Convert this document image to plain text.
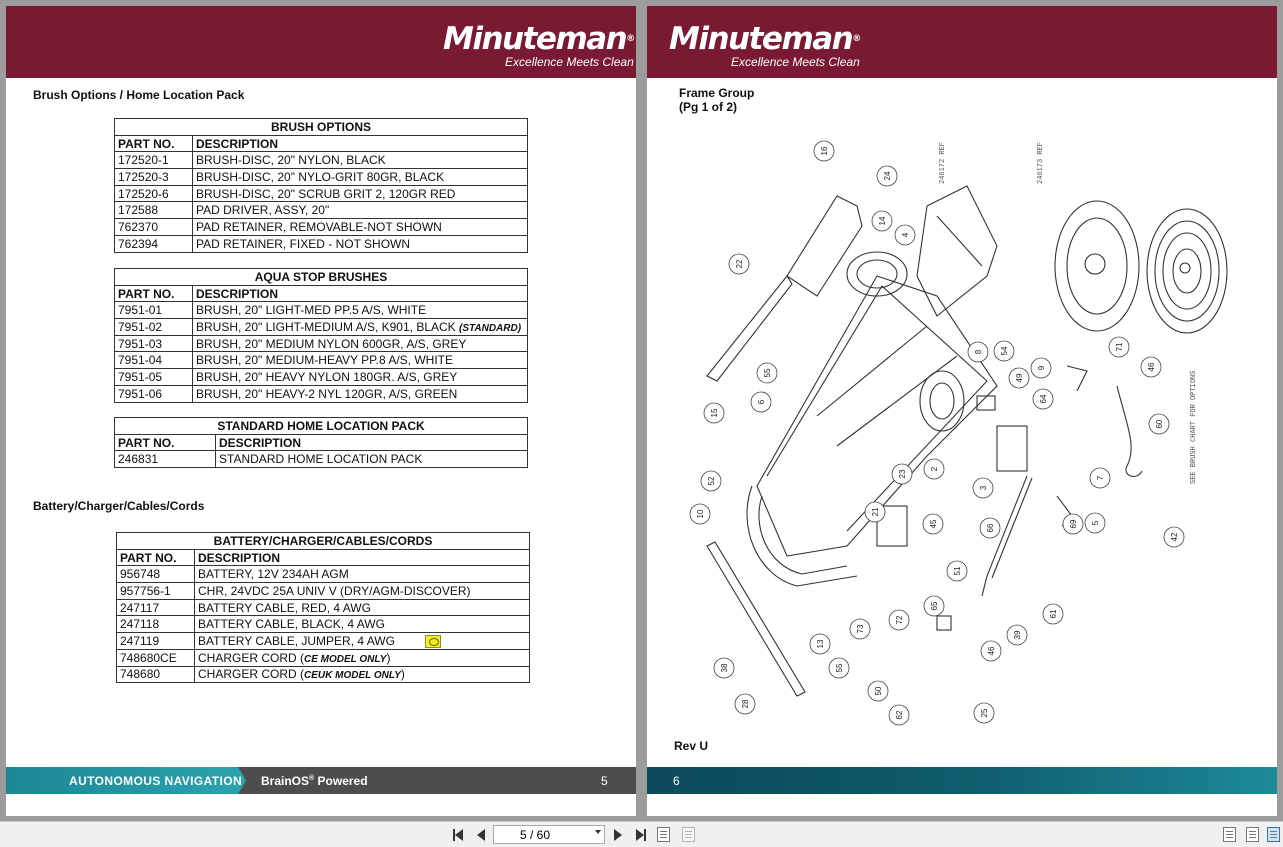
Minuteman®
Excellence Meets Clean
Brush Options / Home Location Pack
BRUSH OPTIONS	
PART NO.	DESCRIPTION
172520-1	BRUSH-DISC, 20" NYLON, BLACK
172520-3	BRUSH-DISC, 20" NYLO-GRIT 80GR, BLACK
172520-6	BRUSH-DISC, 20" SCRUB GRIT 2, 120GR RED
172588	PAD DRIVER, ASSY, 20"
762370	PAD RETAINER, REMOVABLE-NOT SHOWN
762394	PAD RETAINER, FIXED - NOT SHOWN
AQUA STOP BRUSHES	
PART NO.	DESCRIPTION
7951-01	BRUSH, 20" LIGHT-MED PP.5 A/S, WHITE
7951-02	BRUSH, 20" LIGHT-MEDIUM A/S, K901, BLACK (STANDARD)
7951-03	BRUSH, 20" MEDIUM NYLON 600GR, A/S, GREY
7951-04	BRUSH, 20" MEDIUM-HEAVY PP.8 A/S, WHITE
7951-05	BRUSH, 20" HEAVY NYLON 180GR. A/S, GREY
7951-06	BRUSH, 20" HEAVY-2 NYL 120GR, A/S, GREEN
STANDARD HOME LOCATION PACK	
PART NO.	DESCRIPTION
246831	STANDARD HOME LOCATION PACK
Battery/Charger/Cables/Cords
BATTERY/CHARGER/CABLES/CORDS	
PART NO.	DESCRIPTION
956748	BATTERY, 12V 234AH AGM
957756-1	CHR, 24VDC 25A UNIV V (DRY/AGM-DISCOVER)
247117	BATTERY CABLE, RED, 4 AWG
247118	BATTERY CABLE, BLACK, 4 AWG
247119	BATTERY CABLE, JUMPER, 4 AWG
748680CE	CHARGER CORD (CE MODEL ONLY)
748680	CHARGER CORD (CEUK MODEL ONLY)
AUTONOMOUS NAVIGATION BrainOS® Powered	5
Minuteman®
Excellence Meets Clean
Frame Group
(Pg 1 of 2)
246172 REF	246173 REF
SEE BRUSH CHART FOR OPTIONS
16
24
14
4
22
8 54
9
71
46
55
6
49
64
15
60
23
2
3
7
52
21
45	66	69 5
10
42
51
65
61
72
73
13
39
46
38	55
50
62	25
28
Rev U
6
5 / 60
